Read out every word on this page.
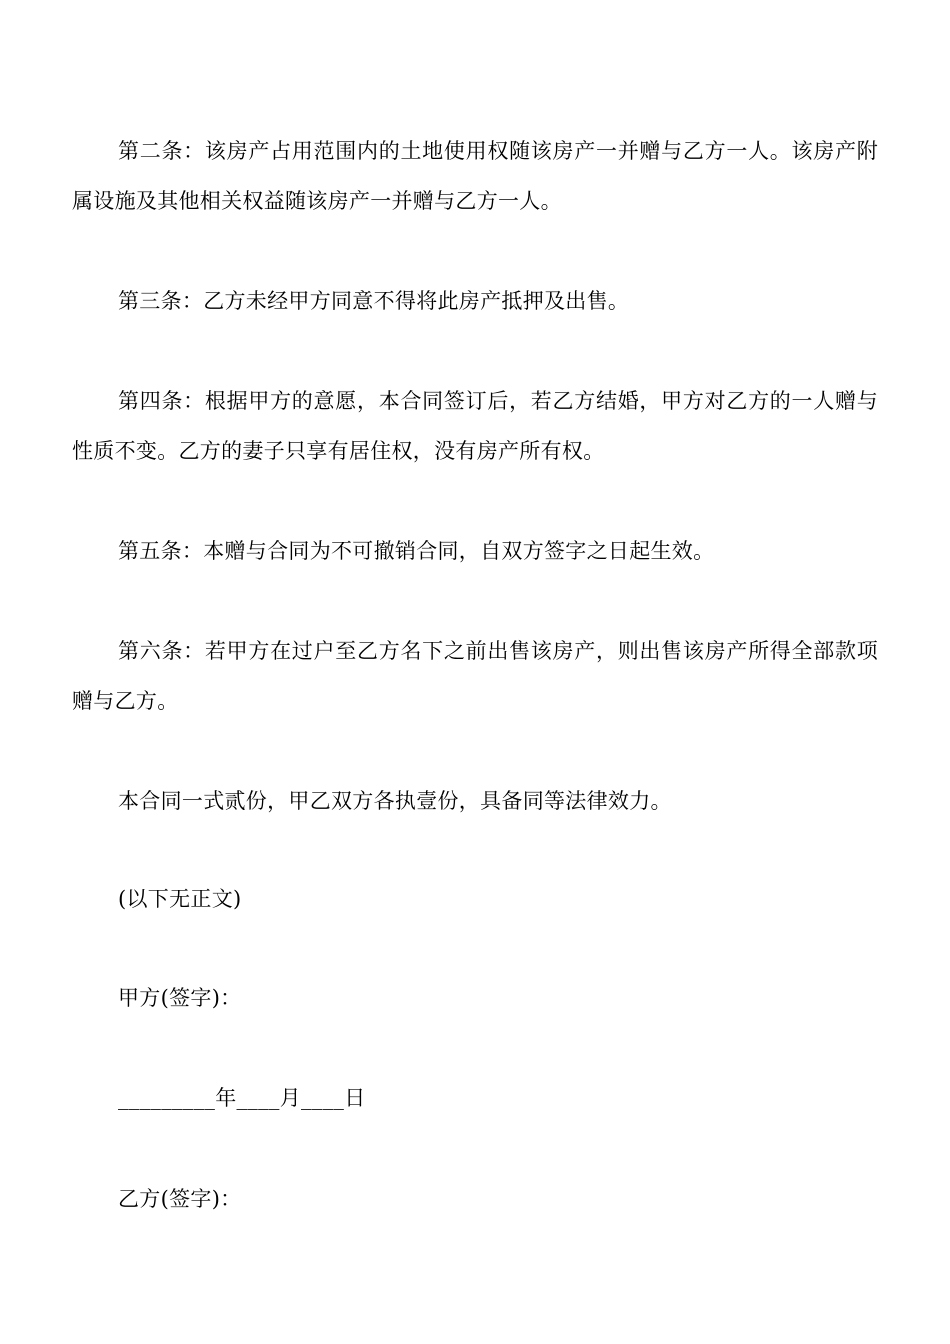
第二条：该房产占用范围内的土地使用权随该房产一并赠与乙方一人。该房产附属设施及其他相关权益随该房产一并赠与乙方一人。

第三条：乙方未经甲方同意不得将此房产抵押及出售。

第四条：根据甲方的意愿，本合同签订后，若乙方结婚，甲方对乙方的一人赠与性质不变。乙方的妻子只享有居住权，没有房产所有权。

第五条：本赠与合同为不可撤销合同，自双方签字之日起生效。

第六条：若甲方在过户至乙方名下之前出售该房产，则出售该房产所得全部款项赠与乙方。

本合同一式贰份，甲乙双方各执壹份，具备同等法律效力。

(以下无正文)

甲方(签字)：

_________年____月____日

乙方(签字)：
